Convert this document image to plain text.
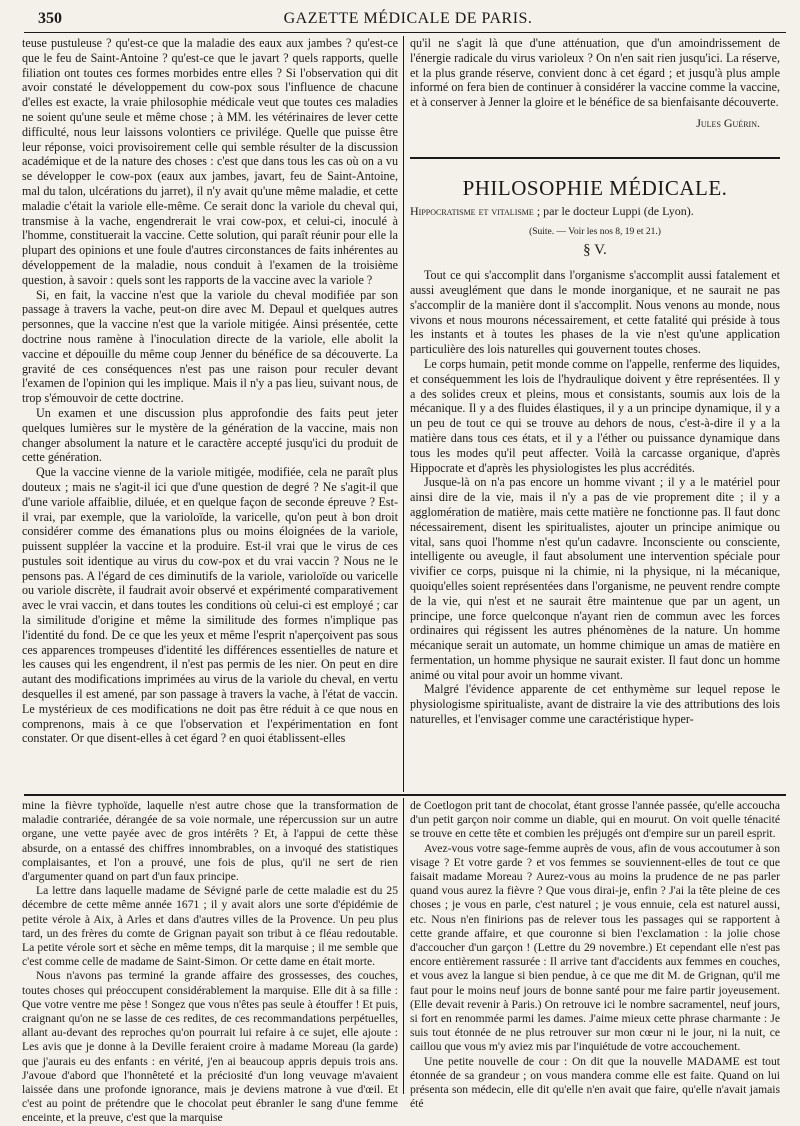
350	GAZETTE MÉDICALE DE PARIS.

teuse pustuleuse ? qu'est-ce que la maladie des eaux aux jambes ? qu'est-ce que le feu de Saint-Antoine ? qu'est-ce que le javart ? quels rapports, quelle filiation ont toutes ces formes morbides entre elles ? Si l'observation qui dit avoir constaté le développement du cow-pox sous l'influence de chacune d'elles est exacte, la vraie philosophie médicale veut que toutes ces maladies ne soient qu'une seule et même chose ; à MM. les vétérinaires de lever cette difficulté, nous leur laissons volontiers ce privilége. Quelle que puisse être leur réponse, voici provisoirement celle qui semble résulter de la discussion académique et de la nature des choses : c'est que dans tous les cas où on a vu se développer le cow-pox (eaux aux jambes, javart, feu de Saint-Antoine, mal du talon, ulcérations du jarret), il n'y avait qu'une même maladie, et cette maladie c'était la variole elle-même. Ce serait donc la variole du cheval qui, transmise à la vache, engendrerait le vrai cow-pox, et celui-ci, inoculé à l'homme, constituerait la vaccine. Cette solution, qui paraît réunir pour elle la plupart des opinions et une foule d'autres circonstances de faits inhérentes au développement de la maladie, nous conduit à l'examen de la troisième question, à savoir : quels sont les rapports de la vaccine avec la variole ?

Si, en fait, la vaccine n'est que la variole du cheval modifiée par son passage à travers la vache, peut-on dire avec M. Depaul et quelques autres personnes, que la vaccine n'est que la variole mitigée. Ainsi présentée, cette doctrine nous ramène à l'inoculation directe de la variole, elle abolit la vaccine et dépouille du même coup Jenner du bénéfice de sa découverte. La gravité de ces conséquences n'est pas une raison pour reculer devant l'examen de l'opinion qui les implique. Mais il n'y a pas lieu, suivant nous, de trop s'émouvoir de cette doctrine.

Un examen et une discussion plus approfondie des faits peut jeter quelques lumières sur le mystère de la génération de la vaccine, mais non changer absolument la nature et le caractère accepté jusqu'ici du produit de cette génération.

Que la vaccine vienne de la variole mitigée, modifiée, cela ne paraît plus douteux ; mais ne s'agit-il ici que d'une question de degré ? Ne s'agit-il que d'une variole affaiblie, diluée, et en quelque façon de seconde épreuve ? Est-il vrai, par exemple, que la varioloïde, la varicelle, qu'on peut à bon droit considérer comme des émanations plus ou moins éloignées de la variole, puissent suppléer la vaccine et la produire. Est-il vrai que le virus de ces pustules soit identique au virus du cow-pox et du vrai vaccin ? Nous ne le pensons pas. A l'égard de ces diminutifs de la variole, varioloïde ou varicelle ou variole discrète, il faudrait avoir observé et expérimenté comparativement avec le vrai vaccin, et dans toutes les conditions où celui-ci est employé ; car la similitude d'origine et même la similitude des formes n'implique pas l'identité du fond. De ce que les yeux et même l'esprit n'aperçoivent pas sous ces apparences trompeuses d'identité les différences essentielles de nature et les causes qui les engendrent, il n'est pas permis de les nier. On peut en dire autant des modifications imprimées au virus de la variole du cheval, en vertu desquelles il est amené, par son passage à travers la vache, à l'état de vaccin. Le mystérieux de ces modifications ne doit pas être réduit à ce que nous en comprenons, mais à ce que l'observation et l'expérimentation en font constater. Or que disent-elles à cet égard ? en quoi établissent-elles

qu'il ne s'agit là que d'une atténuation, que d'un amoindrissement de l'énergie radicale du virus varioleux ? On n'en sait rien jusqu'ici. La réserve, et la plus grande réserve, convient donc à cet égard ; et jusqu'à plus ample informé on fera bien de continuer à considérer la vaccine comme la vaccine, et à conserver à Jenner la gloire et le bénéfice de sa bienfaisante découverte.

Jules Guérin.
PHILOSOPHIE MÉDICALE.
Hippocratisme et vitalisme ; par le docteur Luppi (de Lyon).
(Suite. — Voir les nos 8, 19 et 21.)
§ V.

Tout ce qui s'accomplit dans l'organisme s'accomplit aussi fatalement et aussi aveuglément que dans le monde inorganique, et ne saurait ne pas s'accomplir de la manière dont il s'accomplit. Nous venons au monde, nous vivons et nous mourons nécessairement, et cette fatalité qui préside à tous les instants et à toutes les phases de la vie n'est qu'une application particulière des lois naturelles qui gouvernent toutes choses.

Le corps humain, petit monde comme on l'appelle, renferme des liquides, et conséquemment les lois de l'hydraulique doivent y être représentées. Il y a des solides creux et pleins, mous et consistants, soumis aux lois de la mécanique. Il y a des fluides élastiques, il y a un principe dynamique, il y a un peu de tout ce qui se trouve au dehors de nous, c'est-à-dire il y a la matière dans tous ces états, et il y a l'éther ou puissance dynamique dans tous les modes qu'il peut affecter. Voilà la carcasse organique, d'après Hippocrate et d'après les physiologistes les plus accrédités.

Jusque-là on n'a pas encore un homme vivant ; il y a le matériel pour ainsi dire de la vie, mais il n'y a pas de vie proprement dite ; il y a agglomération de matière, mais cette matière ne fonctionne pas. Il faut donc nécessairement, disent les spiritualistes, ajouter un principe animique ou vital, sans quoi l'homme n'est qu'un cadavre. Inconsciente ou consciente, intelligente ou aveugle, il faut absolument une intervention spéciale pour vivifier ce corps, puisque ni la chimie, ni la physique, ni la mécanique, quoiqu'elles soient représentées dans l'organisme, ne peuvent rendre compte de la vie, qui n'est et ne saurait être maintenue que par un agent, un principe, une force quelconque n'ayant rien de commun avec les forces ordinaires qui régissent les autres phénomènes de la nature. Un homme mécanique serait un automate, un homme chimique un amas de matière en fermentation, un homme physique ne saurait exister. Il faut donc un homme animé ou vital pour avoir un homme vivant.

Malgré l'évidence apparente de cet enthymème sur lequel repose le physiologisme spiritualiste, avant de distraire la vie des attributions des lois naturelles, et l'envisager comme une caractéristique hyper-

mine la fièvre typhoïde, laquelle n'est autre chose que la transformation de maladie contrariée, dérangée de sa voie normale, une répercussion sur un autre organe, une vette payée avec de gros intérêts ? Et, à l'appui de cette thèse absurde, on a entassé des chiffres innombrables, on a invoqué des statistiques complaisantes, et l'on a prouvé, une fois de plus, qu'il ne sert de rien d'argumenter quand on part d'un faux principe.

La lettre dans laquelle madame de Sévigné parle de cette maladie est du 25 décembre de cette même année 1671 ; il y avait alors une sorte d'épidémie de petite vérole à Aix, à Arles et dans d'autres villes de la Provence. Un peu plus tard, un des frères du comte de Grignan payait son tribut à ce fléau redoutable. La petite vérole sort et sèche en même temps, dit la marquise ; il me semble que c'est comme celle de madame de Saint-Simon. Or cette dame en était morte.

Nous n'avons pas terminé la grande affaire des grossesses, des couches, toutes choses qui préoccupent considérablement la marquise. Elle dit à sa fille : Que votre ventre me pèse ! Songez que vous n'êtes pas seule à étouffer ! Et puis, craignant qu'on ne se lasse de ces redites, de ces recommandations perpétuelles, allant au-devant des reproches qu'on pourrait lui refaire à ce sujet, elle ajoute : Les avis que je donne à la Deville feraient croire à madame Moreau (la garde) que j'aurais eu des enfants : en vérité, j'en ai beaucoup appris depuis trois ans. J'avoue d'abord que l'honnêteté et la préciosité d'un long veuvage m'avaient laissée dans une profonde ignorance, mais je deviens matrone à vue d'œil. Et c'est au point de prétendre que le chocolat peut ébranler le sang d'une femme enceinte, et la preuve, c'est que la marquise

de Coetlogon prit tant de chocolat, étant grosse l'année passée, qu'elle accoucha d'un petit garçon noir comme un diable, qui en mourut. On voit quelle ténacité se trouve en cette tête et combien les préjugés ont d'empire sur un pareil esprit.

Avez-vous votre sage-femme auprès de vous, afin de vous accoutumer à son visage ? Et votre garde ? et vos femmes se souviennent-elles de tout ce que faisait madame Moreau ? Aurez-vous au moins la prudence de ne pas parler quand vous aurez la fièvre ? Que vous dirai-je, enfin ? J'ai la tête pleine de ces choses ; je vous en parle, c'est naturel ; je vous ennuie, cela est naturel aussi, etc. Nous n'en finirions pas de relever tous les passages qui se rapportent à cette grande affaire, et que couronne si bien l'exclamation : la jolie chose d'accoucher d'un garçon ! (Lettre du 29 novembre.) Et cependant elle n'est pas encore entièrement rassurée : Il arrive tant d'accidents aux femmes en couches, et vous avez la langue si bien pendue, à ce que me dit M. de Grignan, qu'il me faut pour le moins neuf jours de bonne santé pour me faire partir joyeusement. (Elle devait revenir à Paris.) On retrouve ici le nombre sacramentel, neuf jours, si fort en renommée parmi les dames. J'aime mieux cette phrase charmante : Je suis tout étonnée de ne plus retrouver sur mon cœur ni le jour, ni la nuit, ce caillou que vous m'y aviez mis par l'inquiétude de votre accouchement.

Une petite nouvelle de cour : On dit que la nouvelle MADAME est tout étonnée de sa grandeur ; on vous mandera comme elle est faite. Quand on lui présenta son médecin, elle dit qu'elle n'en avait que faire, qu'elle n'avait jamais été
